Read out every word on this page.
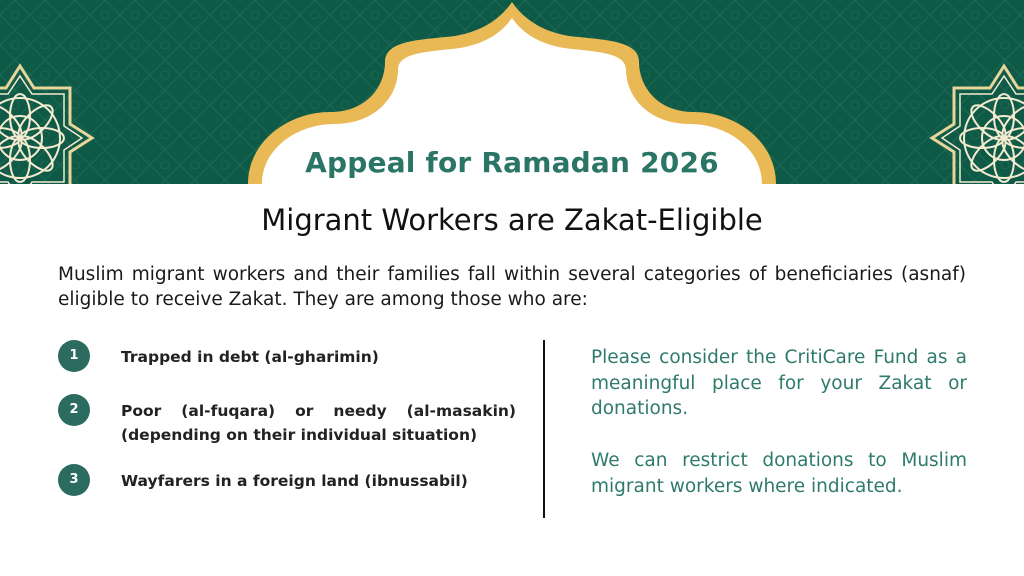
Appeal for Ramadan 2026
Migrant Workers are Zakat-Eligible
Muslim migrant workers and their families fall within several categories of beneficiaries (asnaf) eligible to receive Zakat. They are among those who are:
1	Trapped in debt (al-gharimin)
2	Poor (al-fuqara) or needy (al-masakin) (depending on their individual situation)
3	Wayfarers in a foreign land (ibnussabil)
Please consider the CritiCare Fund as a meaningful place for your Zakat or donations.
We can restrict donations to Muslim migrant workers where indicated.
